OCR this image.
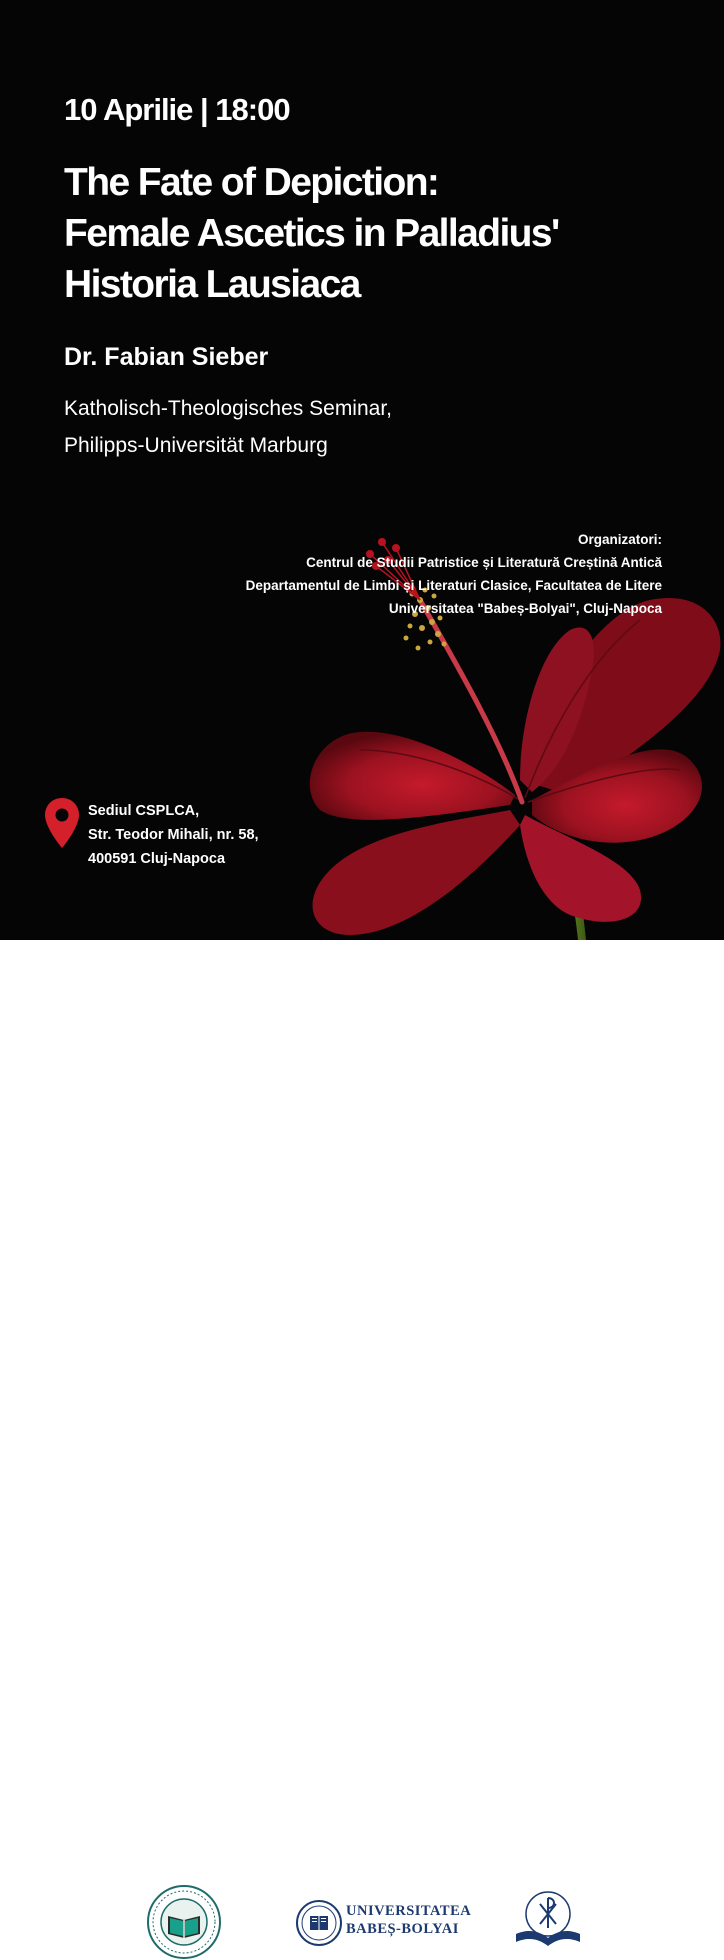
10 Aprilie | 18:00
The Fate of Depiction:
Female Ascetics in Palladius'
Historia Lausiaca
Dr. Fabian Sieber
Katholisch-Theologisches Seminar,
Philipps-Universität Marburg
Organizatori:
Centrul de Studii Patristice și Literatură Creștină Antică
Departamentul de Limbi și Literaturi Clasice, Facultatea de Litere
Universitatea "Babeș-Bolyai", Cluj-Napoca
Sediul CSPLCA,
Str. Teodor Mihali, nr. 58,
400591 Cluj-Napoca
UNIVERSITATEA
BABEȘ-BOLYAI
